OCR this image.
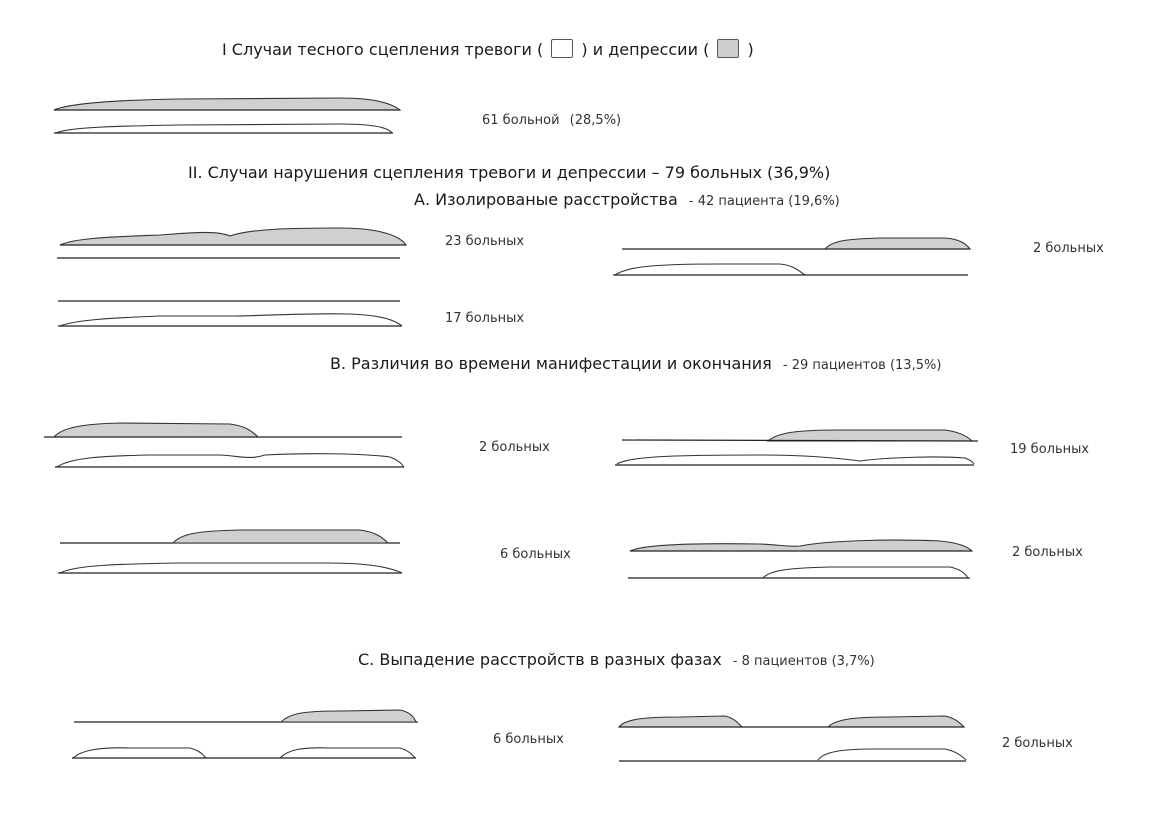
I Случаи тесного сцепления тревоги ( ) и депрессии ( )
61 больной (28,5%)
II. Случаи нарушения сцепления тревоги и депрессии – 79 больных (36,9%)
А. Изолированые расстройства - 42 пациента (19,6%)
23 больных	2 больных
17 больных
В. Различия во времени манифестации и окончания - 29 пациентов (13,5%)
2 больных	19 больных
6 больных	2 больных
С. Выпадение расстройств в разных фазах - 8 пациентов (3,7%)
6 больных	2 больных
